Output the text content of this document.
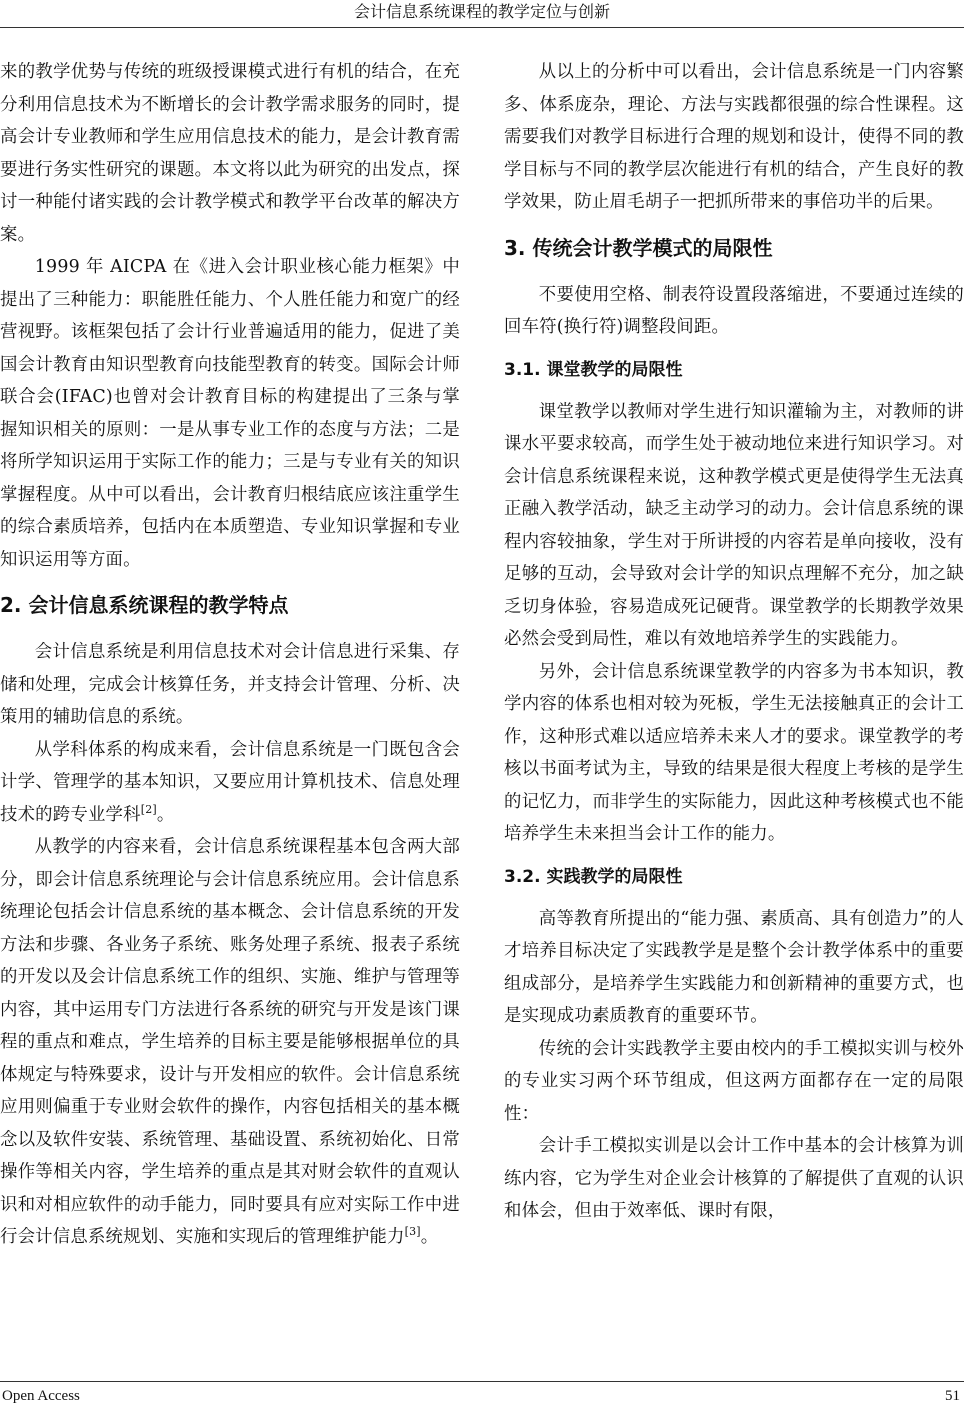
会计信息系统课程的教学定位与创新

来的教学优势与传统的班级授课模式进行有机的结合，在充分利用信息技术为不断增长的会计教学需求服务的同时，提高会计专业教师和学生应用信息技术的能力，是会计教育需要进行务实性研究的课题。本文将以此为研究的出发点，探讨一种能付诸实践的会计教学模式和教学平台改革的解决方案。

1999 年 AICPA 在《进入会计职业核心能力框架》中提出了三种能力：职能胜任能力、个人胜任能力和宽广的经营视野。该框架包括了会计行业普遍适用的能力，促进了美国会计教育由知识型教育向技能型教育的转变。国际会计师联合会(IFAC)也曾对会计教育目标的构建提出了三条与掌握知识相关的原则：一是从事专业工作的态度与方法；二是将所学知识运用于实际工作的能力；三是与专业有关的知识掌握程度。从中可以看出，会计教育归根结底应该注重学生的综合素质培养，包括内在本质塑造、专业知识掌握和专业知识运用等方面。

2. 会计信息系统课程的教学特点

会计信息系统是利用信息技术对会计信息进行采集、存储和处理，完成会计核算任务，并支持会计管理、分析、决策用的辅助信息的系统。

从学科体系的构成来看，会计信息系统是一门既包含会计学、管理学的基本知识，又要应用计算机技术、信息处理技术的跨专业学科[2]。

从教学的内容来看，会计信息系统课程基本包含两大部分，即会计信息系统理论与会计信息系统应用。会计信息系统理论包括会计信息系统的基本概念、会计信息系统的开发方法和步骤、各业务子系统、账务处理子系统、报表子系统的开发以及会计信息系统工作的组织、实施、维护与管理等内容，其中运用专门方法进行各系统的研究与开发是该门课程的重点和难点，学生培养的目标主要是能够根据单位的具体规定与特殊要求，设计与开发相应的软件。会计信息系统应用则偏重于专业财会软件的操作，内容包括相关的基本概念以及软件安装、系统管理、基础设置、系统初始化、日常操作等相关内容，学生培养的重点是其对财会软件的直观认识和对相应软件的动手能力，同时要具有应对实际工作中进行会计信息系统规划、实施和实现后的管理维护能力[3]。

从以上的分析中可以看出，会计信息系统是一门内容繁多、体系庞杂，理论、方法与实践都很强的综合性课程。这需要我们对教学目标进行合理的规划和设计，使得不同的教学目标与不同的教学层次能进行有机的结合，产生良好的教学效果，防止眉毛胡子一把抓所带来的事倍功半的后果。

3. 传统会计教学模式的局限性

不要使用空格、制表符设置段落缩进，不要通过连续的回车符(换行符)调整段间距。

3.1. 课堂教学的局限性

课堂教学以教师对学生进行知识灌输为主，对教师的讲课水平要求较高，而学生处于被动地位来进行知识学习。对会计信息系统课程来说，这种教学模式更是使得学生无法真正融入教学活动，缺乏主动学习的动力。会计信息系统的课程内容较抽象，学生对于所讲授的内容若是单向接收，没有足够的互动，会导致对会计学的知识点理解不充分，加之缺乏切身体验，容易造成死记硬背。课堂教学的长期教学效果必然会受到局性，难以有效地培养学生的实践能力。

另外，会计信息系统课堂教学的内容多为书本知识，教学内容的体系也相对较为死板，学生无法接触真正的会计工作，这种形式难以适应培养未来人才的要求。课堂教学的考核以书面考试为主，导致的结果是很大程度上考核的是学生的记忆力，而非学生的实际能力，因此这种考核模式也不能培养学生未来担当会计工作的能力。

3.2. 实践教学的局限性

高等教育所提出的“能力强、素质高、具有创造力”的人才培养目标决定了实践教学是是整个会计教学体系中的重要组成部分，是培养学生实践能力和创新精神的重要方式，也是实现成功素质教育的重要环节。

传统的会计实践教学主要由校内的手工模拟实训与校外的专业实习两个环节组成，但这两方面都存在一定的局限性：

会计手工模拟实训是以会计工作中基本的会计核算为训练内容，它为学生对企业会计核算的了解提供了直观的认识和体会，但由于效率低、课时有限，

Open Access	51
